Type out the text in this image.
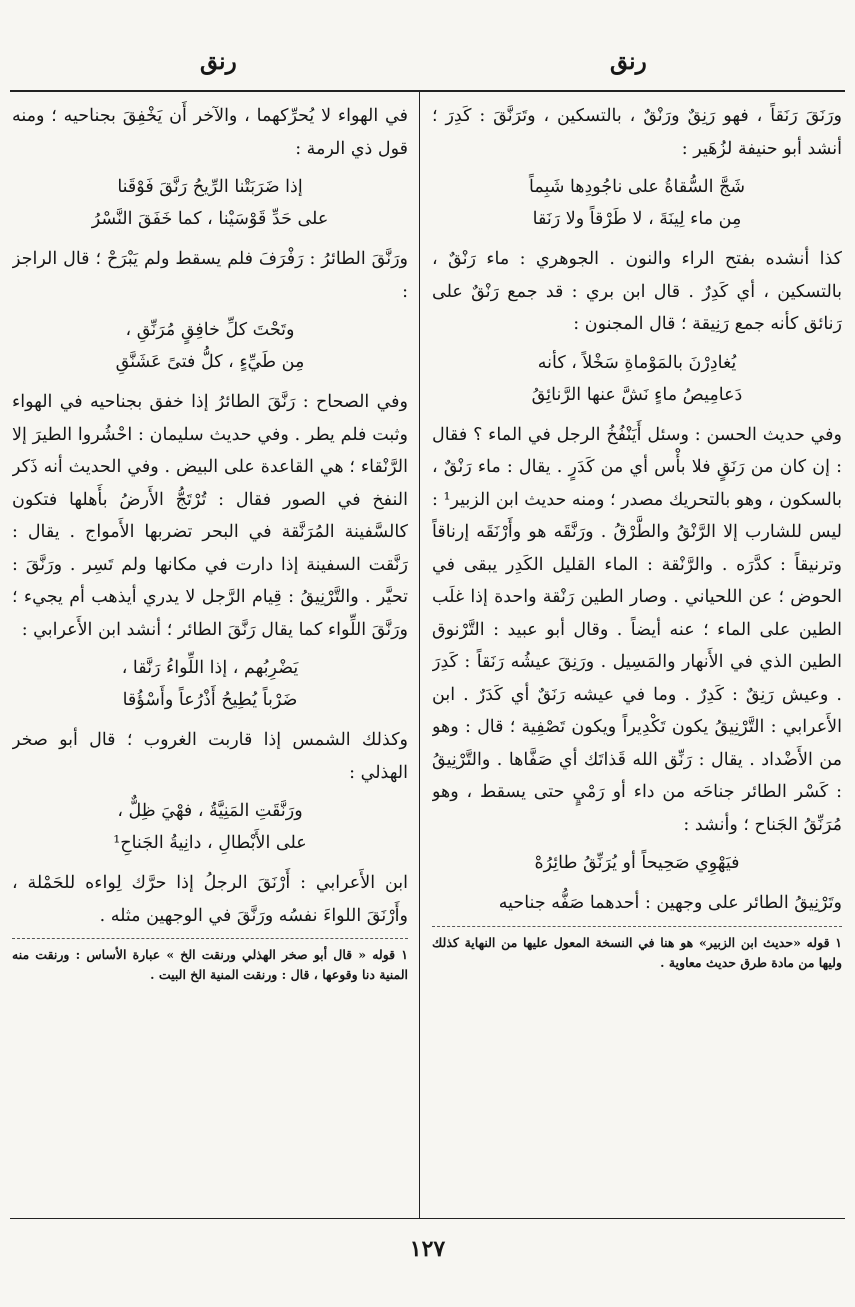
رنق
رنق

ورَنَقَ رَنَقاً ، فهو رَنِقٌ ورَنْقٌ ، بالتسكين ، وتَرَنَّقَ : كَدِرَ ؛ أنشد أبو حنيفة لزُهَير :

شَجَّ السُّقاةُ على ناجُودِها شَبِماً
مِن ماء لِينَةَ ، لا طَرْقاً ولا رَنَقا

كذا أنشده بفتح الراء والنون . الجوهري : ماء رَنْقٌ ، بالتسكين ، أي كَدِرٌ . قال ابن بري : قد جمع رَنْقٌ على رَنائق كأنه جمع رَنِيقة ؛ قال المجنون :

يُغادِرْنَ بالمَوْماةِ سَخْلاً ، كأنه
دَعامِيصُ ماءٍ نَشَّ عنها الرَّنائِقُ

وفي حديث الحسن : وسئل أَيَنْفُخُ الرجل في الماء ؟ فقال : إن كان من رَنَقٍ فلا بأْس أي من كَدَرٍ . يقال : ماء رَنْقٌ ، بالسكون ، وهو بالتحريك مصدر ؛ ومنه حديث ابن الزبير¹ : ليس للشارب إلا الرَّنْقُ والطَّرْقُ . ورَنَّقَه هو وأَرْنَقَه إرناقاً وترنيقاً : كدَّرَه . والرَّنْقة : الماء القليل الكَدِر يبقى في الحوض ؛ عن اللحياني . وصار الطين رَنْقة واحدة إذا غلَب الطين على الماء ؛ عنه أيضاً . وقال أبو عبيد : التَّرْنوق الطين الذي في الأَنهار والمَسِيل . ورَنِقَ عيشُه رَنَقاً : كَدِرَ . وعيش رَنِقٌ : كَدِرٌ . وما في عيشه رَنَقٌ أي كَدَرٌ . ابن الأَعرابي : التَّرْنِيقُ يكون تَكْدِيراً ويكون تَصْفِية ؛ قال : وهو من الأَضْداد . يقال : رَنِّق الله قَذاتَك أي صَفَّاها . والتَّرْنِيقُ : كَسْر الطائر جناحَه من داء أو رَمْيٍ حتى يسقط ، وهو مُرَنِّقُ الجَناح ؛ وأنشد :

فيَهْوِي صَحِيحاً أو يُرَنِّقُ طائِرُهْ

وتَرْنِيقُ الطائر على وجهين : أحدهما صَفُّه جناحيه

١ قوله «حديث ابن الزبير» هو هنا في النسخة المعول عليها من النهاية كذلك وليها من مادة طرق حديث معاوية .

في الهواء لا يُحرِّكهما ، والآخر أَن يَخْفِقَ بجناحيه ؛ ومنه قول ذي الرمة :

إذا ضَرَبَتْنا الرِّيحُ رَنَّقَ فَوْقَنا
على حَدِّ قَوْسَيْنا ، كما خَفَقَ النَّسْرُ

ورَنَّقَ الطائرُ : رَفْرَفَ فلم يسقط ولم يَبْرَحْ ؛ قال الراجز :

وتَحْتَ كلِّ خافِقٍ مُرَنِّقِ ،
مِن طَيِّءٍ ، كلُّ فتىً عَشَنَّقِ

وفي الصحاح : رَنَّقَ الطائرُ إذا خفق بجناحيه في الهواء وثبت فلم يطر . وفي حديث سليمان : احْشُروا الطيرَ إلا الرَّنْقاء ؛ هي القاعدة على البيض . وفي الحديث أنه ذَكر النفخ في الصور فقال : تُرْتَجُّ الأَرضُ بأَهلها فتكون كالسَّفينة المُرَنَّقة في البحر تضربها الأَمواج . يقال : رَنَّقت السفينة إذا دارت في مكانها ولم تَسِر . ورَنَّقَ : تحيَّر . والتَّرْنِيقُ : قِيام الرَّجل لا يدري أيذهب أم يجيء ؛ ورَنَّقَ اللِّواء كما يقال رَنَّقَ الطائر ؛ أنشد ابن الأَعرابي :

يَضْرِبُهم ، إذا اللِّواءُ رَنَّقا ،
ضَرْباً يُطِيحُ أَذْرُعاً وأَسْؤُقا

وكذلك الشمس إذا قاربت الغروب ؛ قال أبو صخر الهذلي :

ورَنَّقَتِ المَنِيَّةُ ، فهْيَ ظِلٌّ ،
على الأَبْطالِ ، دانِيةُ الجَناحِ¹

ابن الأَعرابي : أَرْنَقَ الرجلُ إذا حرَّك لِواءه للحَمْلة ، وأَرْنَقَ اللواءَ نفسُه ورَنَّقَ في الوجهين مثله .

١ قوله « قال أبو صخر الهذلي ورنقت الخ » عبارة الأساس : ورنقت منه المنية دنا وقوعها ، قال : ورنقت المنية الخ البيت .
١٢٧
